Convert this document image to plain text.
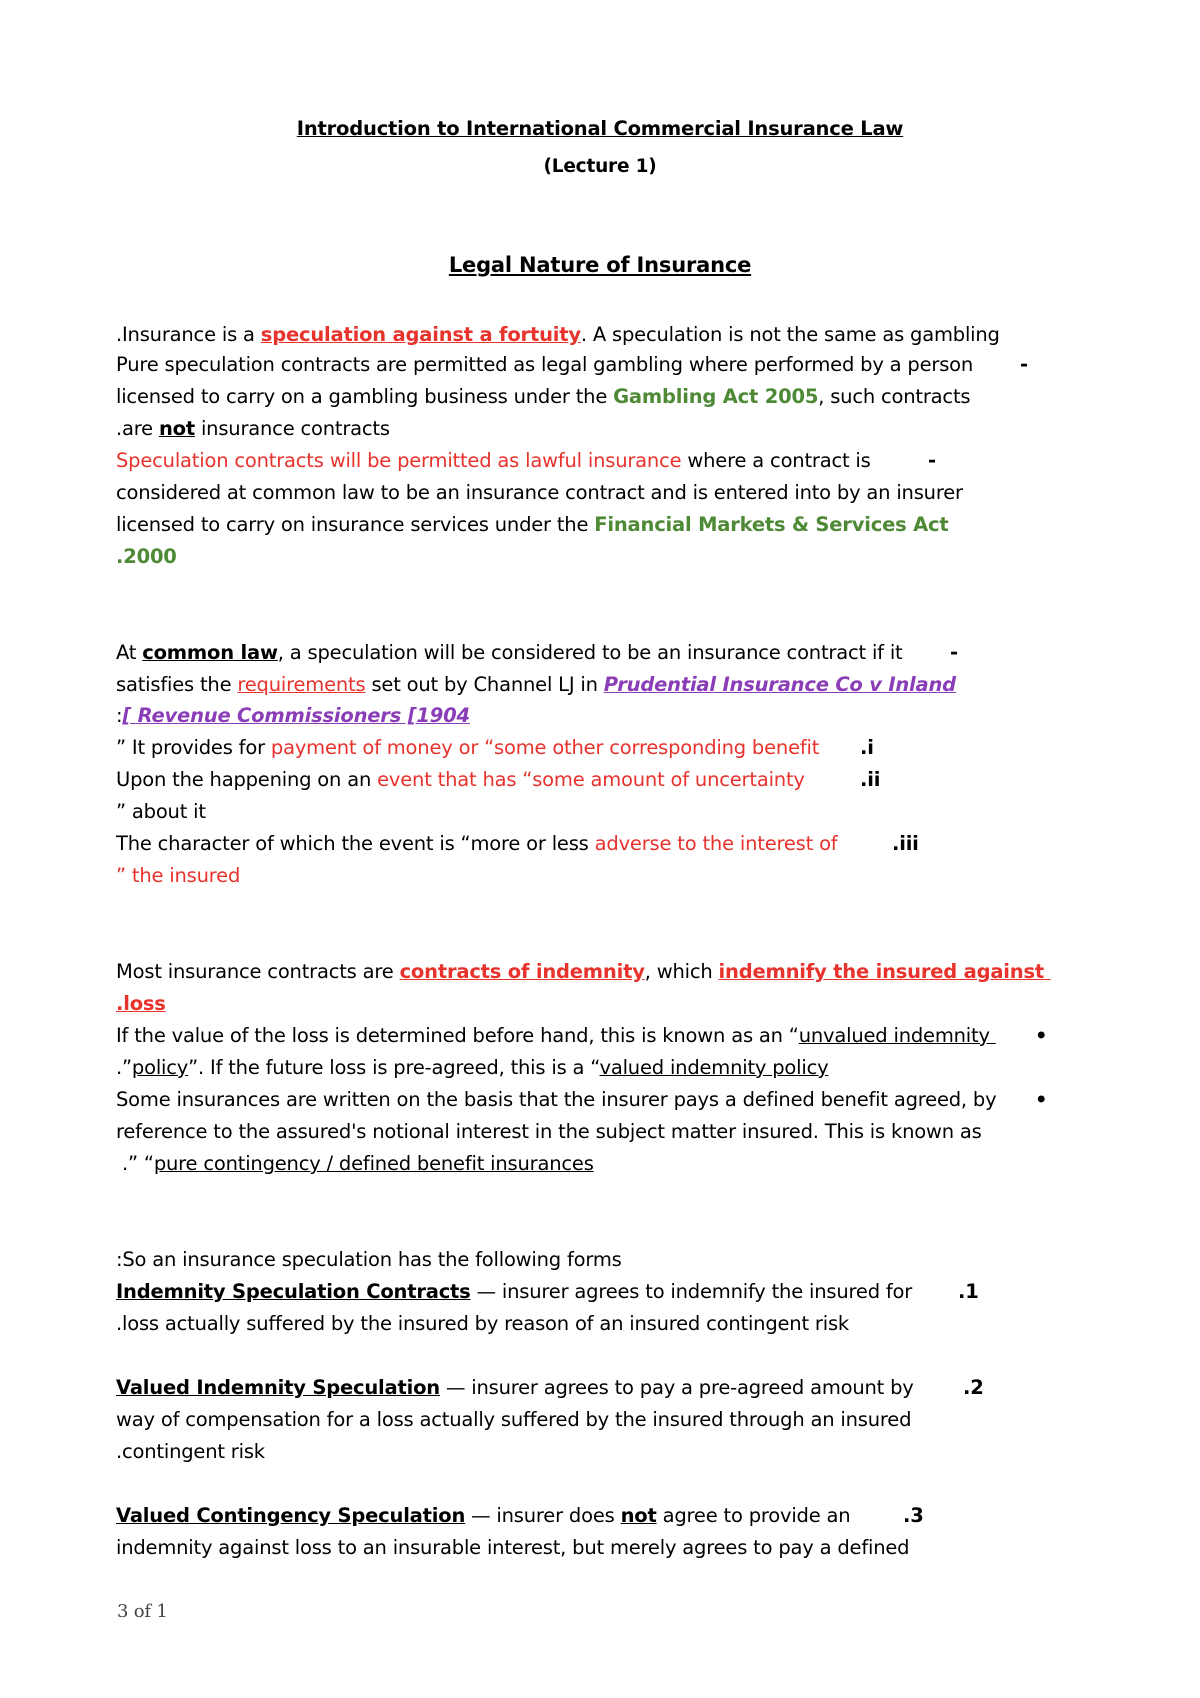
Introduction to International Commercial Insurance Law
(Lecture 1)
Legal Nature of Insurance
.Insurance is a speculation against a fortuity. A speculation is not the same as gambling
Pure speculation contracts are permitted as legal gambling where performed by a person -
licensed to carry on a gambling business under the Gambling Act 2005, such contracts
.are not insurance contracts
Speculation contracts will be permitted as lawful insurance where a contract is	-
considered at common law to be an insurance contract and is entered into by an insurer
licensed to carry on insurance services under the Financial Markets & Services Act
.2000
At common law, a speculation will be considered to be an insurance contract if it -
satisfies the requirements set out by Channel LJ in Prudential Insurance Co v Inland
:[ Revenue Commissioners [1904
” It provides for payment of money or “some other corresponding benefit .i
Upon the happening on an event that has “some amount of uncertainty	.ii
” about it
The character of which the event is “more or less adverse to the interest of	.iii
” the insured
Most insurance contracts are contracts of indemnity, which indemnify the insured against
.loss
If the value of the loss is determined before hand, this is known as an “unvalued indemnity •
.”policy”. If the future loss is pre-agreed, this is a “valued indemnity policy
Some insurances are written on the basis that the insurer pays a defined benefit agreed, by •
reference to the assured's notional interest in the subject matter insured. This is known as
.” “pure contingency / defined benefit insurances
:So an insurance speculation has the following forms
Indemnity Speculation Contracts — insurer agrees to indemnify the insured for .1
.loss actually suffered by the insured by reason of an insured contingent risk
Valued Indemnity Speculation — insurer agrees to pay a pre-agreed amount by	.2
way of compensation for a loss actually suffered by the insured through an insured
.contingent risk
Valued Contingency Speculation — insurer does not agree to provide an	.3
indemnity against loss to an insurable interest, but merely agrees to pay a defined
3 of 1
